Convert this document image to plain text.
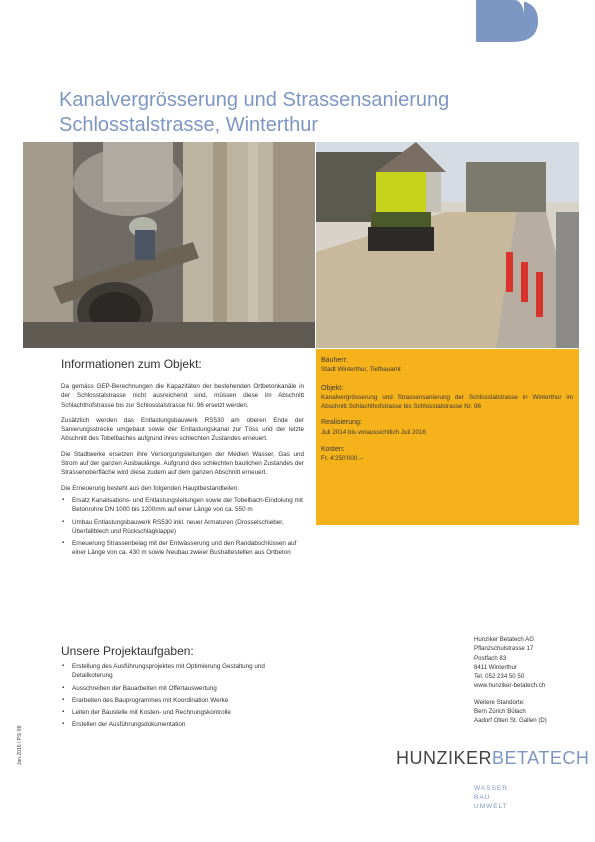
Kanalvergrösserung und Strassensanierung
Schlosstalstrasse, Winterthur
Informationen zum Objekt:

Da gemäss GEP-Berechnungen die Kapazitäten der bestehenden Ortbetonkanäle in der Schlosstalstrasse nicht ausreichend sind, müssen diese im Abschnitt Schlachthofstrasse bis zur Schlosstalstrasse Nr. 96 ersetzt werden.

Zusätzlich werden das Entlastungsbauwerk RS530 am oberen Ende der Sanierungsstrecke umgebaut sowie der Entlastungskanal zur Töss und der letzte Abschnitt des Tobelbaches aufgrund ihres schlechten Zustandes erneuert.

Die Stadtwerke ersetzen ihre Versorgungsleitungen der Medien Wasser, Gas und Strom auf der ganzen Ausbaulänge. Aufgrund des schlechten baulichen Zustandes der Strassenoberfläche wird diese zudem auf dem ganzen Abschnitt erneuert.

Die Erneuerung besteht aus den folgenden Hauptbestandteilen:

▪ Ersatz Kanalisations- und Entlastungsleitungen sowie der Tobelbach-Eindolung mit Betonrohre DN 1000 bis 1200mm auf einer Länge von ca. 550 m
▪ Umbau Entlastungsbauwerk RS530 inkl. neuer Armaturen (Drosselschieber, Überfallblech und Rückschlagklappe)
▪ Erneuerung Strassenbelag mit der Entwässerung und den Randabschlüssen auf einer Länge von ca. 430 m sowie Neubau zweier Bushaltestellen aus Ortbeton
Unsere Projektaufgaben:
▪ Erstellung des Ausführungsprojektes mit Optimierung Gestaltung und Detailkoterung
▪ Ausschreiben der Bauarbeiten mit Offertauswertung
▪ Erarbeiten des Bauprogrammes mit Koordination Werke
▪ Leiten der Baustelle mit Kosten- und Rechnungskontrolle
▪ Erstellen der Ausführungsdokumentation
Bauherr:
Stadt Winterthur, Tiefbauamt
Objekt:
Kanalvergrösserung und Strassensanierung der Schlosstalstrasse in Winterthur im Abschnitt Schlachthofstrasse bis Schlosstalstrasse Nr. 96
Realisierung:
Juli 2014 bis voraussichtlich Juli 2016
Kosten:
Fr. 4’250’000.--
Hunziker Betatech AG
Pflanzschulstrasse 17
Postfach 83
8411 Winterthur
Tel. 052 234 50 50
www.hunziker-betatech.ch
Weitere Standorte:
Bern Zürich Bülach
Aadorf Olten St. Gallen (D)
HUNZIKERBETATECH
WASSER
BAU
UMWELT
Jan.2015 / PSi 88
